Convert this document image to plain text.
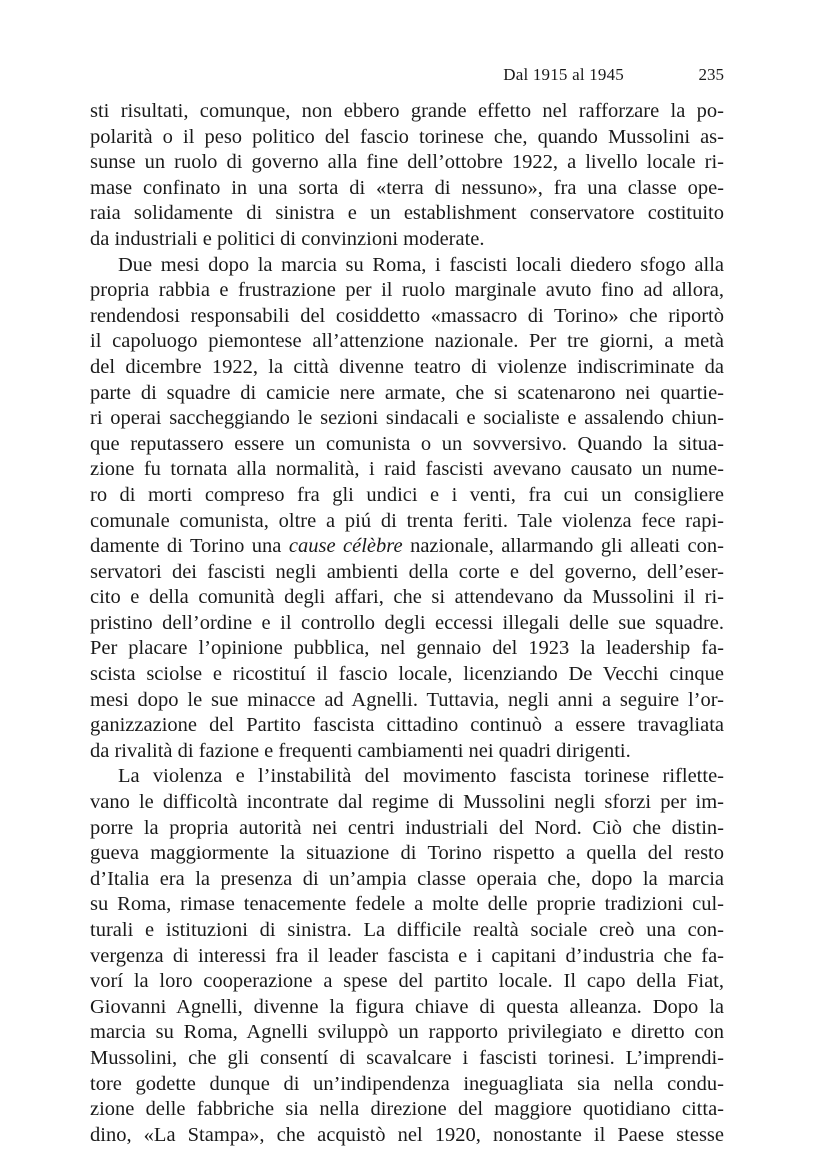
Dal 1915 al 1945	235
sti risultati, comunque, non ebbero grande effetto nel rafforzare la po-
polarità o il peso politico del fascio torinese che, quando Mussolini as-
sunse un ruolo di governo alla fine dell’ottobre 1922, a livello locale ri-
mase confinato in una sorta di «terra di nessuno», fra una classe ope-
raia solidamente di sinistra e un establishment conservatore costituito
da industriali e politici di convinzioni moderate.
Due mesi dopo la marcia su Roma, i fascisti locali diedero sfogo alla
propria rabbia e frustrazione per il ruolo marginale avuto fino ad allora,
rendendosi responsabili del cosiddetto «massacro di Torino» che riportò
il capoluogo piemontese all’attenzione nazionale. Per tre giorni, a metà
del dicembre 1922, la città divenne teatro di violenze indiscriminate da
parte di squadre di camicie nere armate, che si scatenarono nei quartie-
ri operai saccheggiando le sezioni sindacali e socialiste e assalendo chiun-
que reputassero essere un comunista o un sovversivo. Quando la situa-
zione fu tornata alla normalità, i raid fascisti avevano causato un nume-
ro di morti compreso fra gli undici e i venti, fra cui un consigliere
comunale comunista, oltre a piú di trenta feriti. Tale violenza fece rapi-
damente di Torino una cause célèbre nazionale, allarmando gli alleati con-
servatori dei fascisti negli ambienti della corte e del governo, dell’eser-
cito e della comunità degli affari, che si attendevano da Mussolini il ri-
pristino dell’ordine e il controllo degli eccessi illegali delle sue squadre.
Per placare l’opinione pubblica, nel gennaio del 1923 la leadership fa-
scista sciolse e ricostituí il fascio locale, licenziando De Vecchi cinque
mesi dopo le sue minacce ad Agnelli. Tuttavia, negli anni a seguire l’or-
ganizzazione del Partito fascista cittadino continuò a essere travagliata
da rivalità di fazione e frequenti cambiamenti nei quadri dirigenti.
La violenza e l’instabilità del movimento fascista torinese riflette-
vano le difficoltà incontrate dal regime di Mussolini negli sforzi per im-
porre la propria autorità nei centri industriali del Nord. Ciò che distin-
gueva maggiormente la situazione di Torino rispetto a quella del resto
d’Italia era la presenza di un’ampia classe operaia che, dopo la marcia
su Roma, rimase tenacemente fedele a molte delle proprie tradizioni cul-
turali e istituzioni di sinistra. La difficile realtà sociale creò una con-
vergenza di interessi fra il leader fascista e i capitani d’industria che fa-
vorí la loro cooperazione a spese del partito locale. Il capo della Fiat,
Giovanni Agnelli, divenne la figura chiave di questa alleanza. Dopo la
marcia su Roma, Agnelli sviluppò un rapporto privilegiato e diretto con
Mussolini, che gli consentí di scavalcare i fascisti torinesi. L’imprendi-
tore godette dunque di un’indipendenza ineguagliata sia nella condu-
zione delle fabbriche sia nella direzione del maggiore quotidiano citta-
dino, «La Stampa», che acquistò nel 1920, nonostante il Paese stesse
